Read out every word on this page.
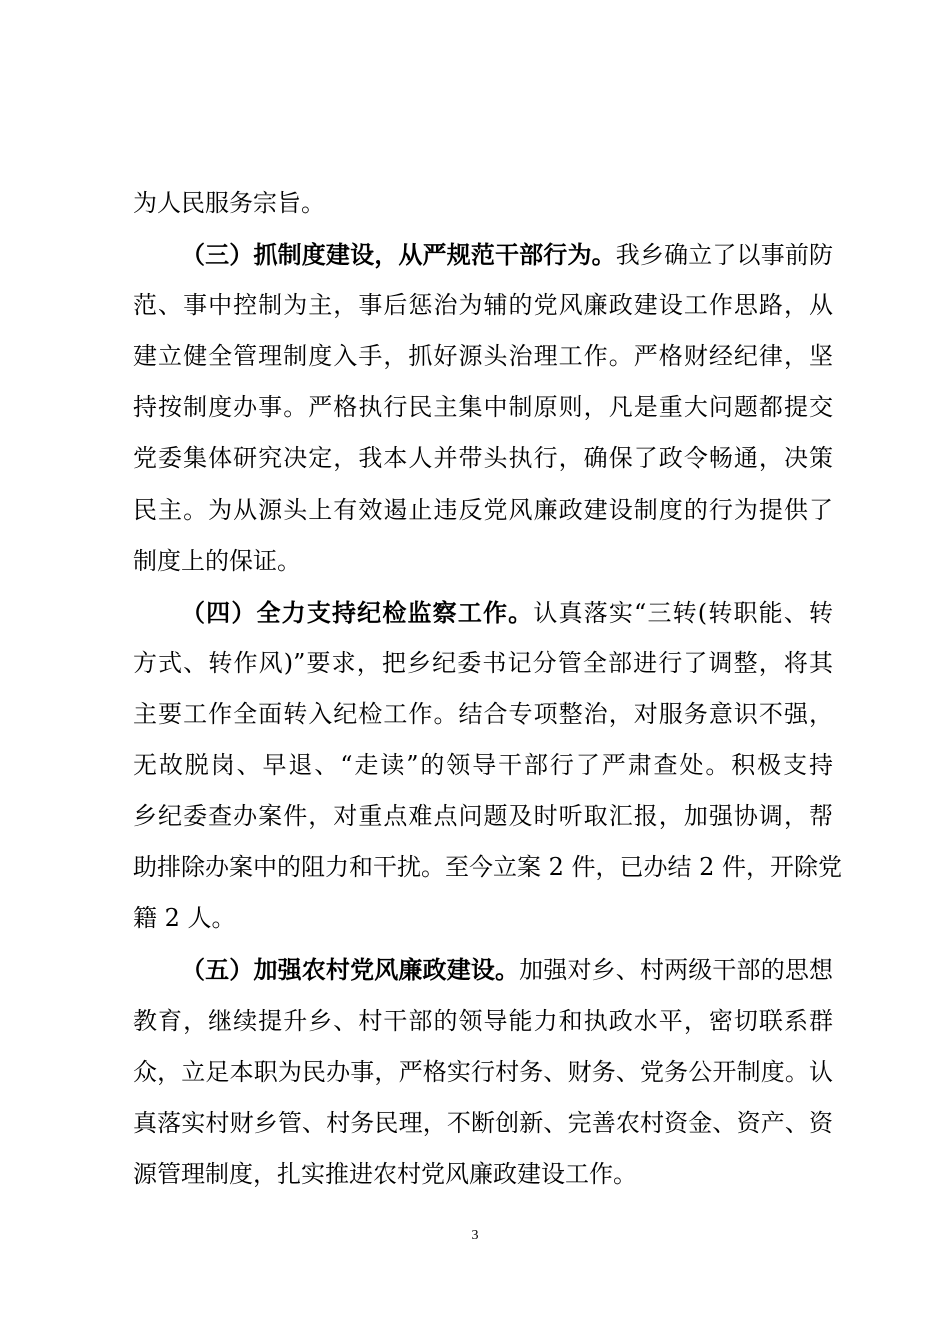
为人民服务宗旨。
（三）抓制度建设，从严规范干部行为。我乡确立了以事前防
范、事中控制为主，事后惩治为辅的党风廉政建设工作思路，从
建立健全管理制度入手，抓好源头治理工作。严格财经纪律，坚
持按制度办事。严格执行民主集中制原则，凡是重大问题都提交
党委集体研究决定，我本人并带头执行，确保了政令畅通，决策
民主。为从源头上有效遏止违反党风廉政建设制度的行为提供了
制度上的保证。
（四）全力支持纪检监察工作。认真落实“三转(转职能、转
方式、转作风)”要求，把乡纪委书记分管全部进行了调整，将其
主要工作全面转入纪检工作。结合专项整治，对服务意识不强，
无故脱岗、早退、“走读”的领导干部行了严肃查处。积极支持
乡纪委查办案件，对重点难点问题及时听取汇报，加强协调，帮
助排除办案中的阻力和干扰。至今立案 2 件，已办结 2 件，开除党
籍 2 人。
（五）加强农村党风廉政建设。加强对乡、村两级干部的思想
教育，继续提升乡、村干部的领导能力和执政水平，密切联系群
众，立足本职为民办事，严格实行村务、财务、党务公开制度。认
真落实村财乡管、村务民理，不断创新、完善农村资金、资产、资
源管理制度，扎实推进农村党风廉政建设工作。
3
